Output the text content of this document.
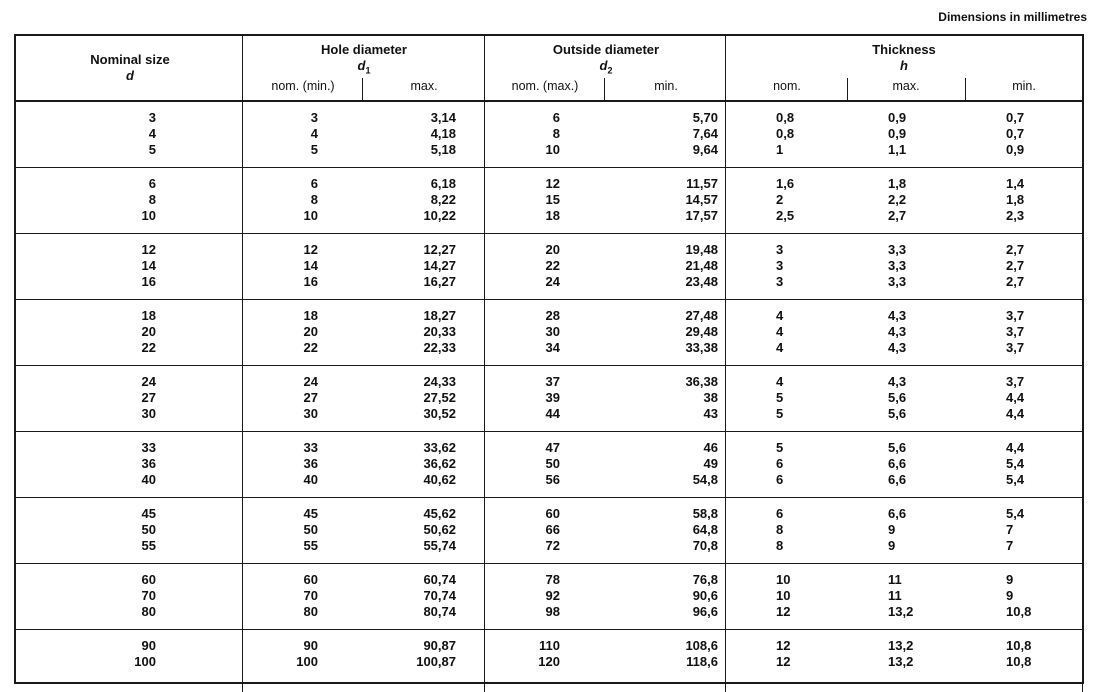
Dimensions in millimetres
Nominal size
d
Hole diameter
$d_1$
nom. (min.)	max.
Outside diameter
$d_2$
nom. (max.)	min.
Thickness
h
nom.	max.	min.
3	3	3,14	6	5,70	0,8	0,9	0,7
4	4	4,18	8	7,64	0,8	0,9	0,7
5	5	5,18	10	9,64	1	1,1	0,9
6	6	6,18	12	11,57	1,6	1,8	1,4
8	8	8,22	15	14,57	2	2,2	1,8
10	10	10,22	18	17,57	2,5	2,7	2,3
12	12	12,27	20	19,48	3	3,3	2,7
14	14	14,27	22	21,48	3	3,3	2,7
16	16	16,27	24	23,48	3	3,3	2,7
18	18	18,27	28	27,48	4	4,3	3,7
20	20	20,33	30	29,48	4	4,3	3,7
22	22	22,33	34	33,38	4	4,3	3,7
24	24	24,33	37	36,38	4	4,3	3,7
27	27	27,52	39	38	5	5,6	4,4
30	30	30,52	44	43	5	5,6	4,4
33	33	33,62	47	46	5	5,6	4,4
36	36	36,62	50	49	6	6,6	5,4
40	40	40,62	56	54,8	6	6,6	5,4
45	45	45,62	60	58,8	6	6,6	5,4
50	50	50,62	66	64,8	8	9	7
55	55	55,74	72	70,8	8	9	7
60	60	60,74	78	76,8	10	11	9
70	70	70,74	92	90,6	10	11	9
80	80	80,74	98	96,6	12	13,2	10,8
90	90	90,87	110	108,6	12	13,2	10,8
100	100	100,87	120	118,6	12	13,2	10,8
